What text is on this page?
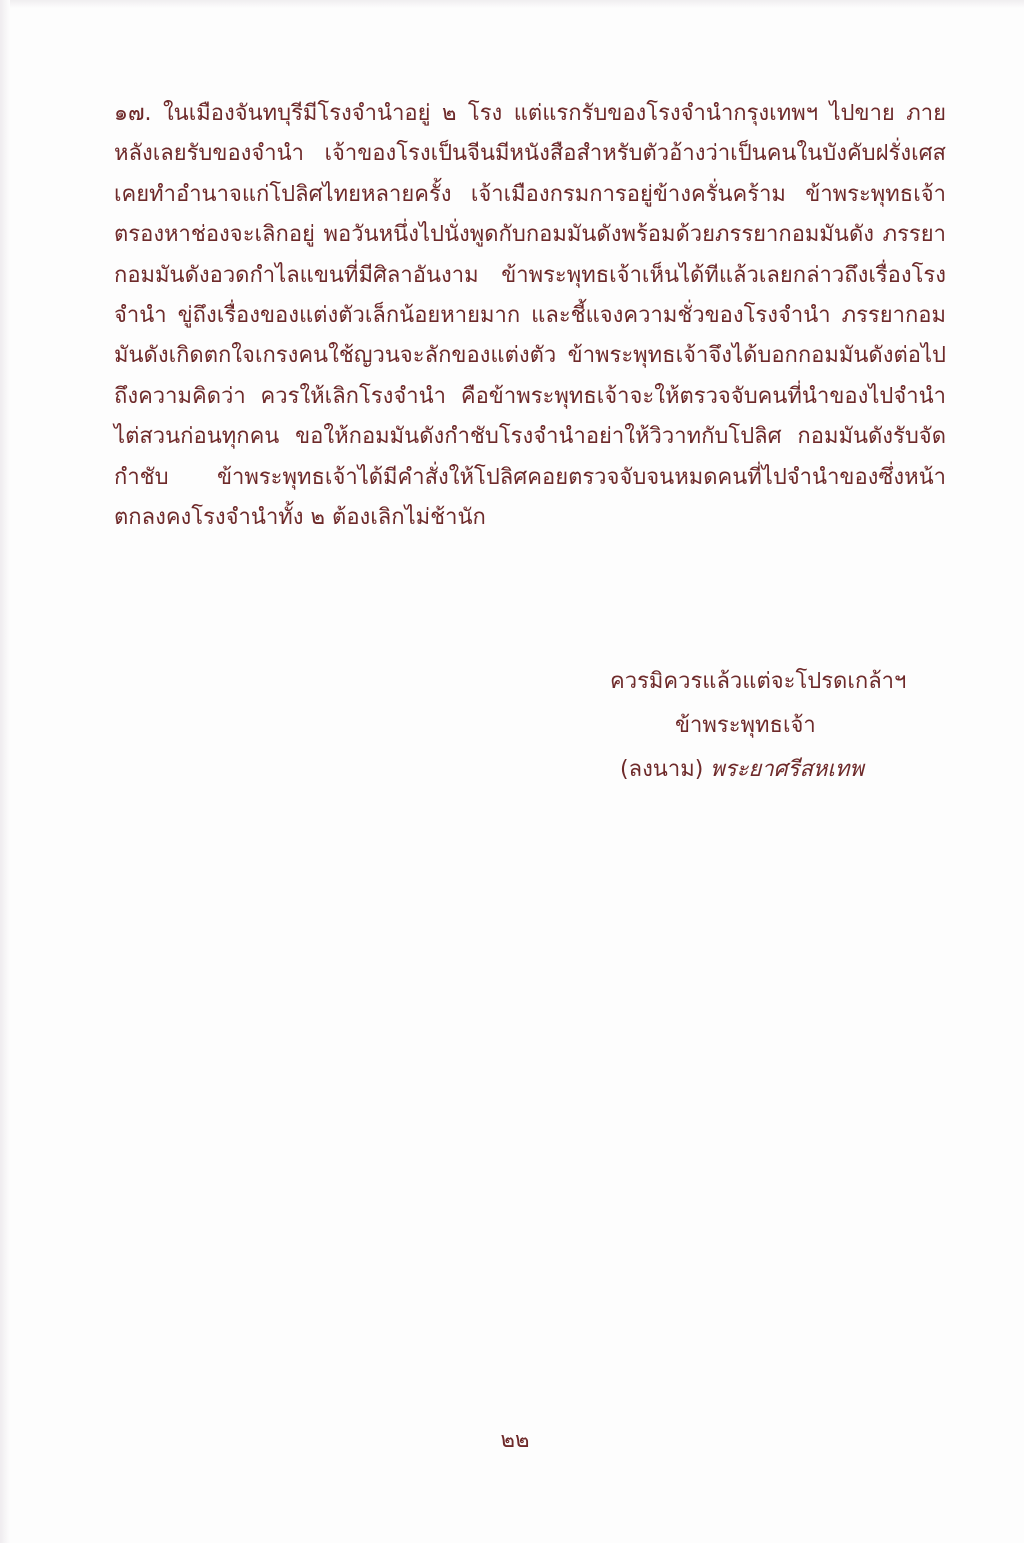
๑๗. ในเมืองจันทบุรีมีโรงจำนำอยู่ ๒ โรง แต่แรกรับของโรงจำนำกรุงเทพฯ ไปขาย ภายหลังเลยรับของจำนำ เจ้าของโรงเป็นจีนมีหนังสือสำหรับตัวอ้างว่าเป็นคนในบังคับฝรั่งเศส เคยทำอำนาจแก่โปลิศไทยหลายครั้ง เจ้าเมืองกรมการอยู่ข้างครั่นคร้าม ข้าพระพุทธเจ้าตรองหาช่องจะเลิกอยู่ พอวันหนึ่งไปนั่งพูดกับกอมมันดังพร้อมด้วยภรรยากอมมันดัง ภรรยากอมมันดังอวดกำไลแขนที่มีศิลาอันงาม ข้าพระพุทธเจ้าเห็นได้ทีแล้วเลยกล่าวถึงเรื่องโรงจำนำ ขู่ถึงเรื่องของแต่งตัวเล็กน้อยหายมาก และชี้แจงความชั่วของโรงจำนำ ภรรยากอมมันดังเกิดตกใจเกรงคนใช้ญวนจะลักของแต่งตัว ข้าพระพุทธเจ้าจึงได้บอกกอมมันดังต่อไปถึงความคิดว่า ควรให้เลิกโรงจำนำ คือข้าพระพุทธเจ้าจะให้ตรวจจับคนที่นำของไปจำนำไต่สวนก่อนทุกคน ขอให้กอมมันดังกำชับโรงจำนำอย่าให้วิวาทกับโปลิศ กอมมันดังรับจัดกำชับ ข้าพระพุทธเจ้าได้มีคำสั่งให้โปลิศคอยตรวจจับจนหมดคนที่ไปจำนำของซึ่งหน้า ตกลงคงโรงจำนำทั้ง ๒ ต้องเลิกไม่ช้านัก

ควรมิควรแล้วแต่จะโปรดเกล้าฯ
ข้าพระพุทธเจ้า
(ลงนาม) พระยาศรีสหเทพ
๒๒
